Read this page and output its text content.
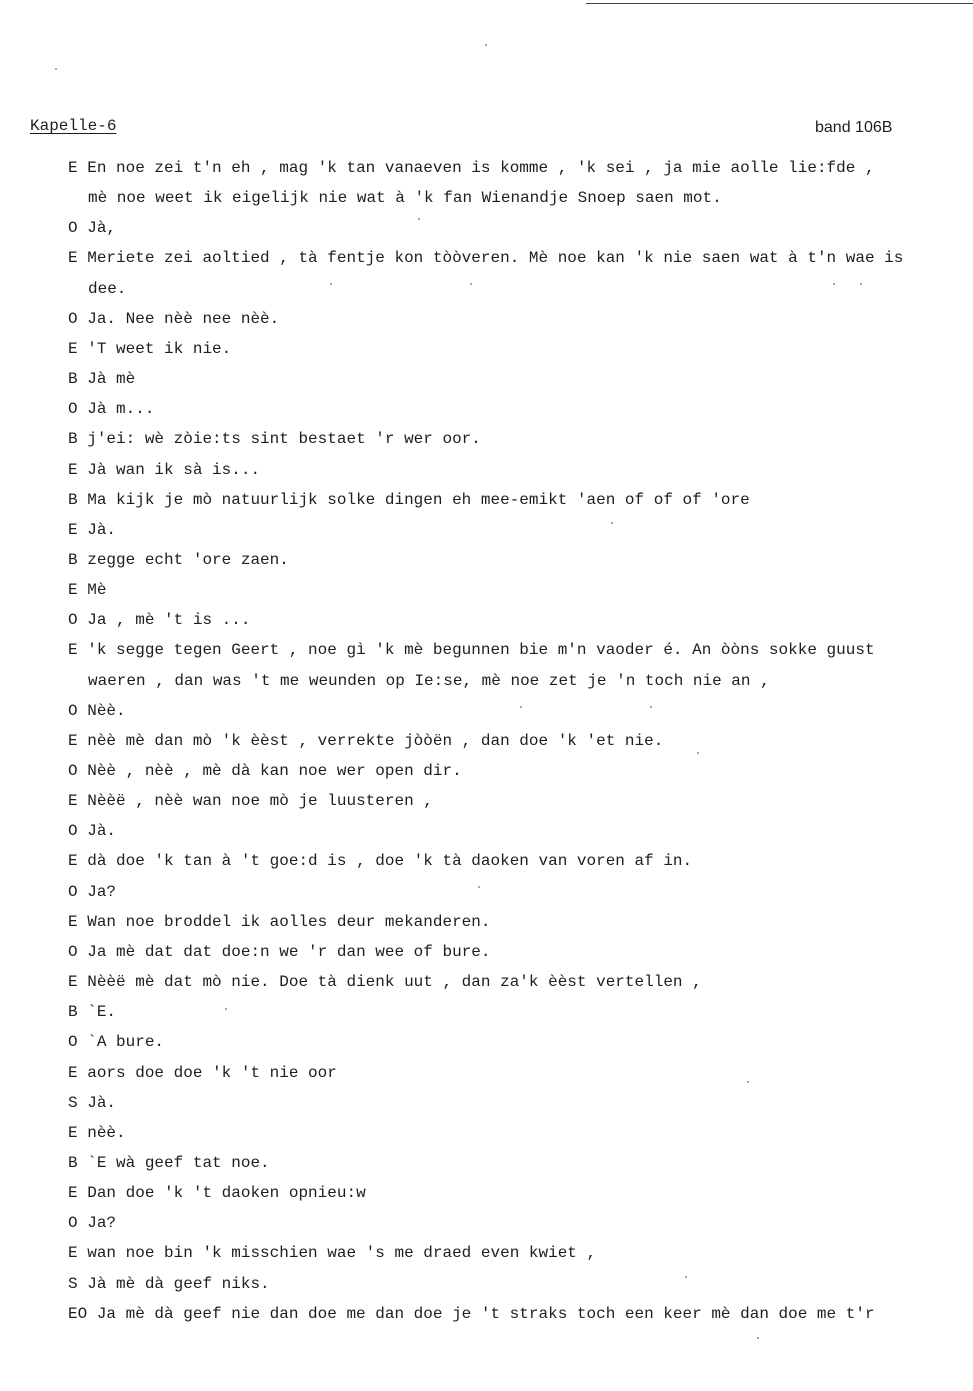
Kapelle-6	band 106B
E En noe zei t'n eh , mag 'k tan vanaeven is komme , 'k sei , ja mie aolle lie:fde ,
mè noe weet ik eigelijk nie wat à 'k fan Wienandje Snoep saen mot.
O Jà,
E Meriete zei aoltied , tà fentje kon tòòveren. Mè noe kan 'k nie saen wat à t'n wae is
dee.
O Ja. Nee nèè nee nèè.
E 'T weet ik nie.
B Jà mè
O Jà m...
B j'ei: wè zòie:ts sint bestaet 'r wer oor.
E Jà wan ik sà is...
B Ma kijk je mò natuurlijk solke dingen eh mee-emikt 'aen of of of 'ore
E Jà.
B zegge echt 'ore zaen.
E Mè
O Ja , mè 't is ...
E 'k segge tegen Geert , noe gì 'k mè begunnen bie m'n vaoder é. An òòns sokke guust
waeren , dan was 't me weunden op Ie:se, mè noe zet je 'n toch nie an ,
O Nèè.
E nèè mè dan mò 'k èèst , verrekte jòòën , dan doe 'k 'et nie.
O Nèè , nèè , mè dà kan noe wer open dir.
E Nèèë , nèè wan noe mò je luusteren ,
O Jà.
E dà doe 'k tan à 't goe:d is , doe 'k tà daoken van voren af in.
O Ja?
E Wan noe broddel ik aolles deur mekanderen.
O Ja mè dat dat doe:n we 'r dan wee of bure.
E Nèèë mè dat mò nie. Doe tà dienk uut , dan za'k èèst vertellen ,
B `E.
O `A bure.
E aors doe doe 'k 't nie oor
S Jà.
E nèè.
B `E wà geef tat noe.
E Dan doe 'k 't daoken opnieu:w
O Ja?
E wan noe bin 'k misschien wae 's me draed even kwiet ,
S Jà mè dà geef niks.
EO Ja mè dà geef nie dan doe me dan doe je 't straks toch een keer mè dan doe me t'r
